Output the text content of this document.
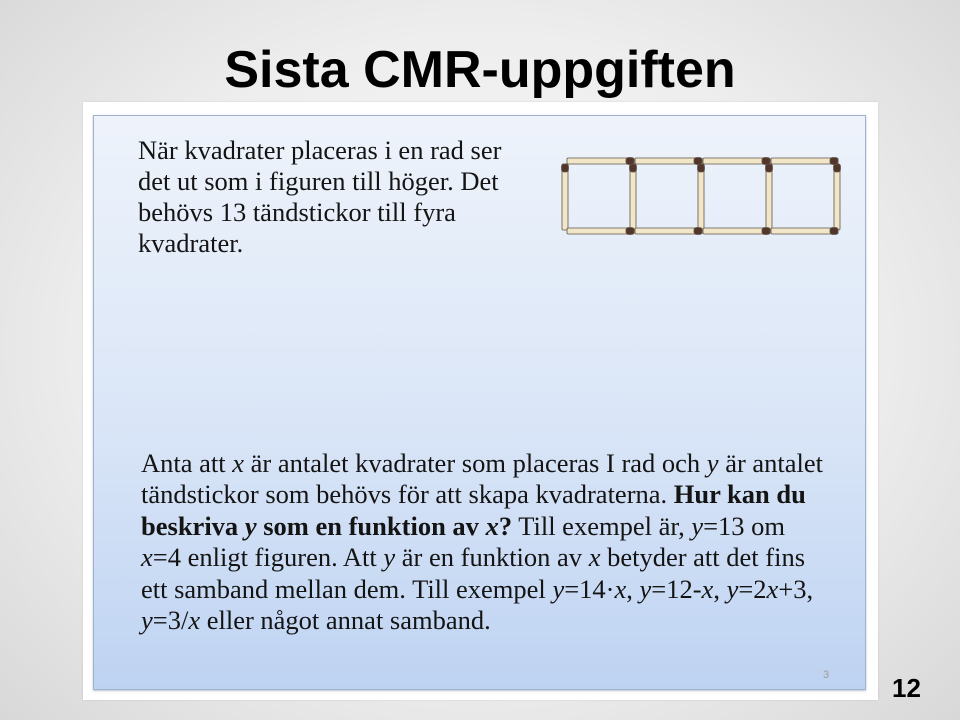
Sista CMR-uppgiften
När kvadrater placeras i en rad ser
det ut som i figuren till höger. Det
behövs 13 tändstickor till fyra
kvadrater.
Anta att x är antalet kvadrater som placeras I rad och y är antalet
tändstickor som behövs för att skapa kvadraterna. Hur kan du
beskriva y som en funktion av x? Till exempel är, y=13 om
x=4 enligt figuren. Att y är en funktion av x betyder att det fins
ett samband mellan dem. Till exempel y=14·x, y=12-x, y=2x+3,
y=3/x eller något annat samband.
3 12
